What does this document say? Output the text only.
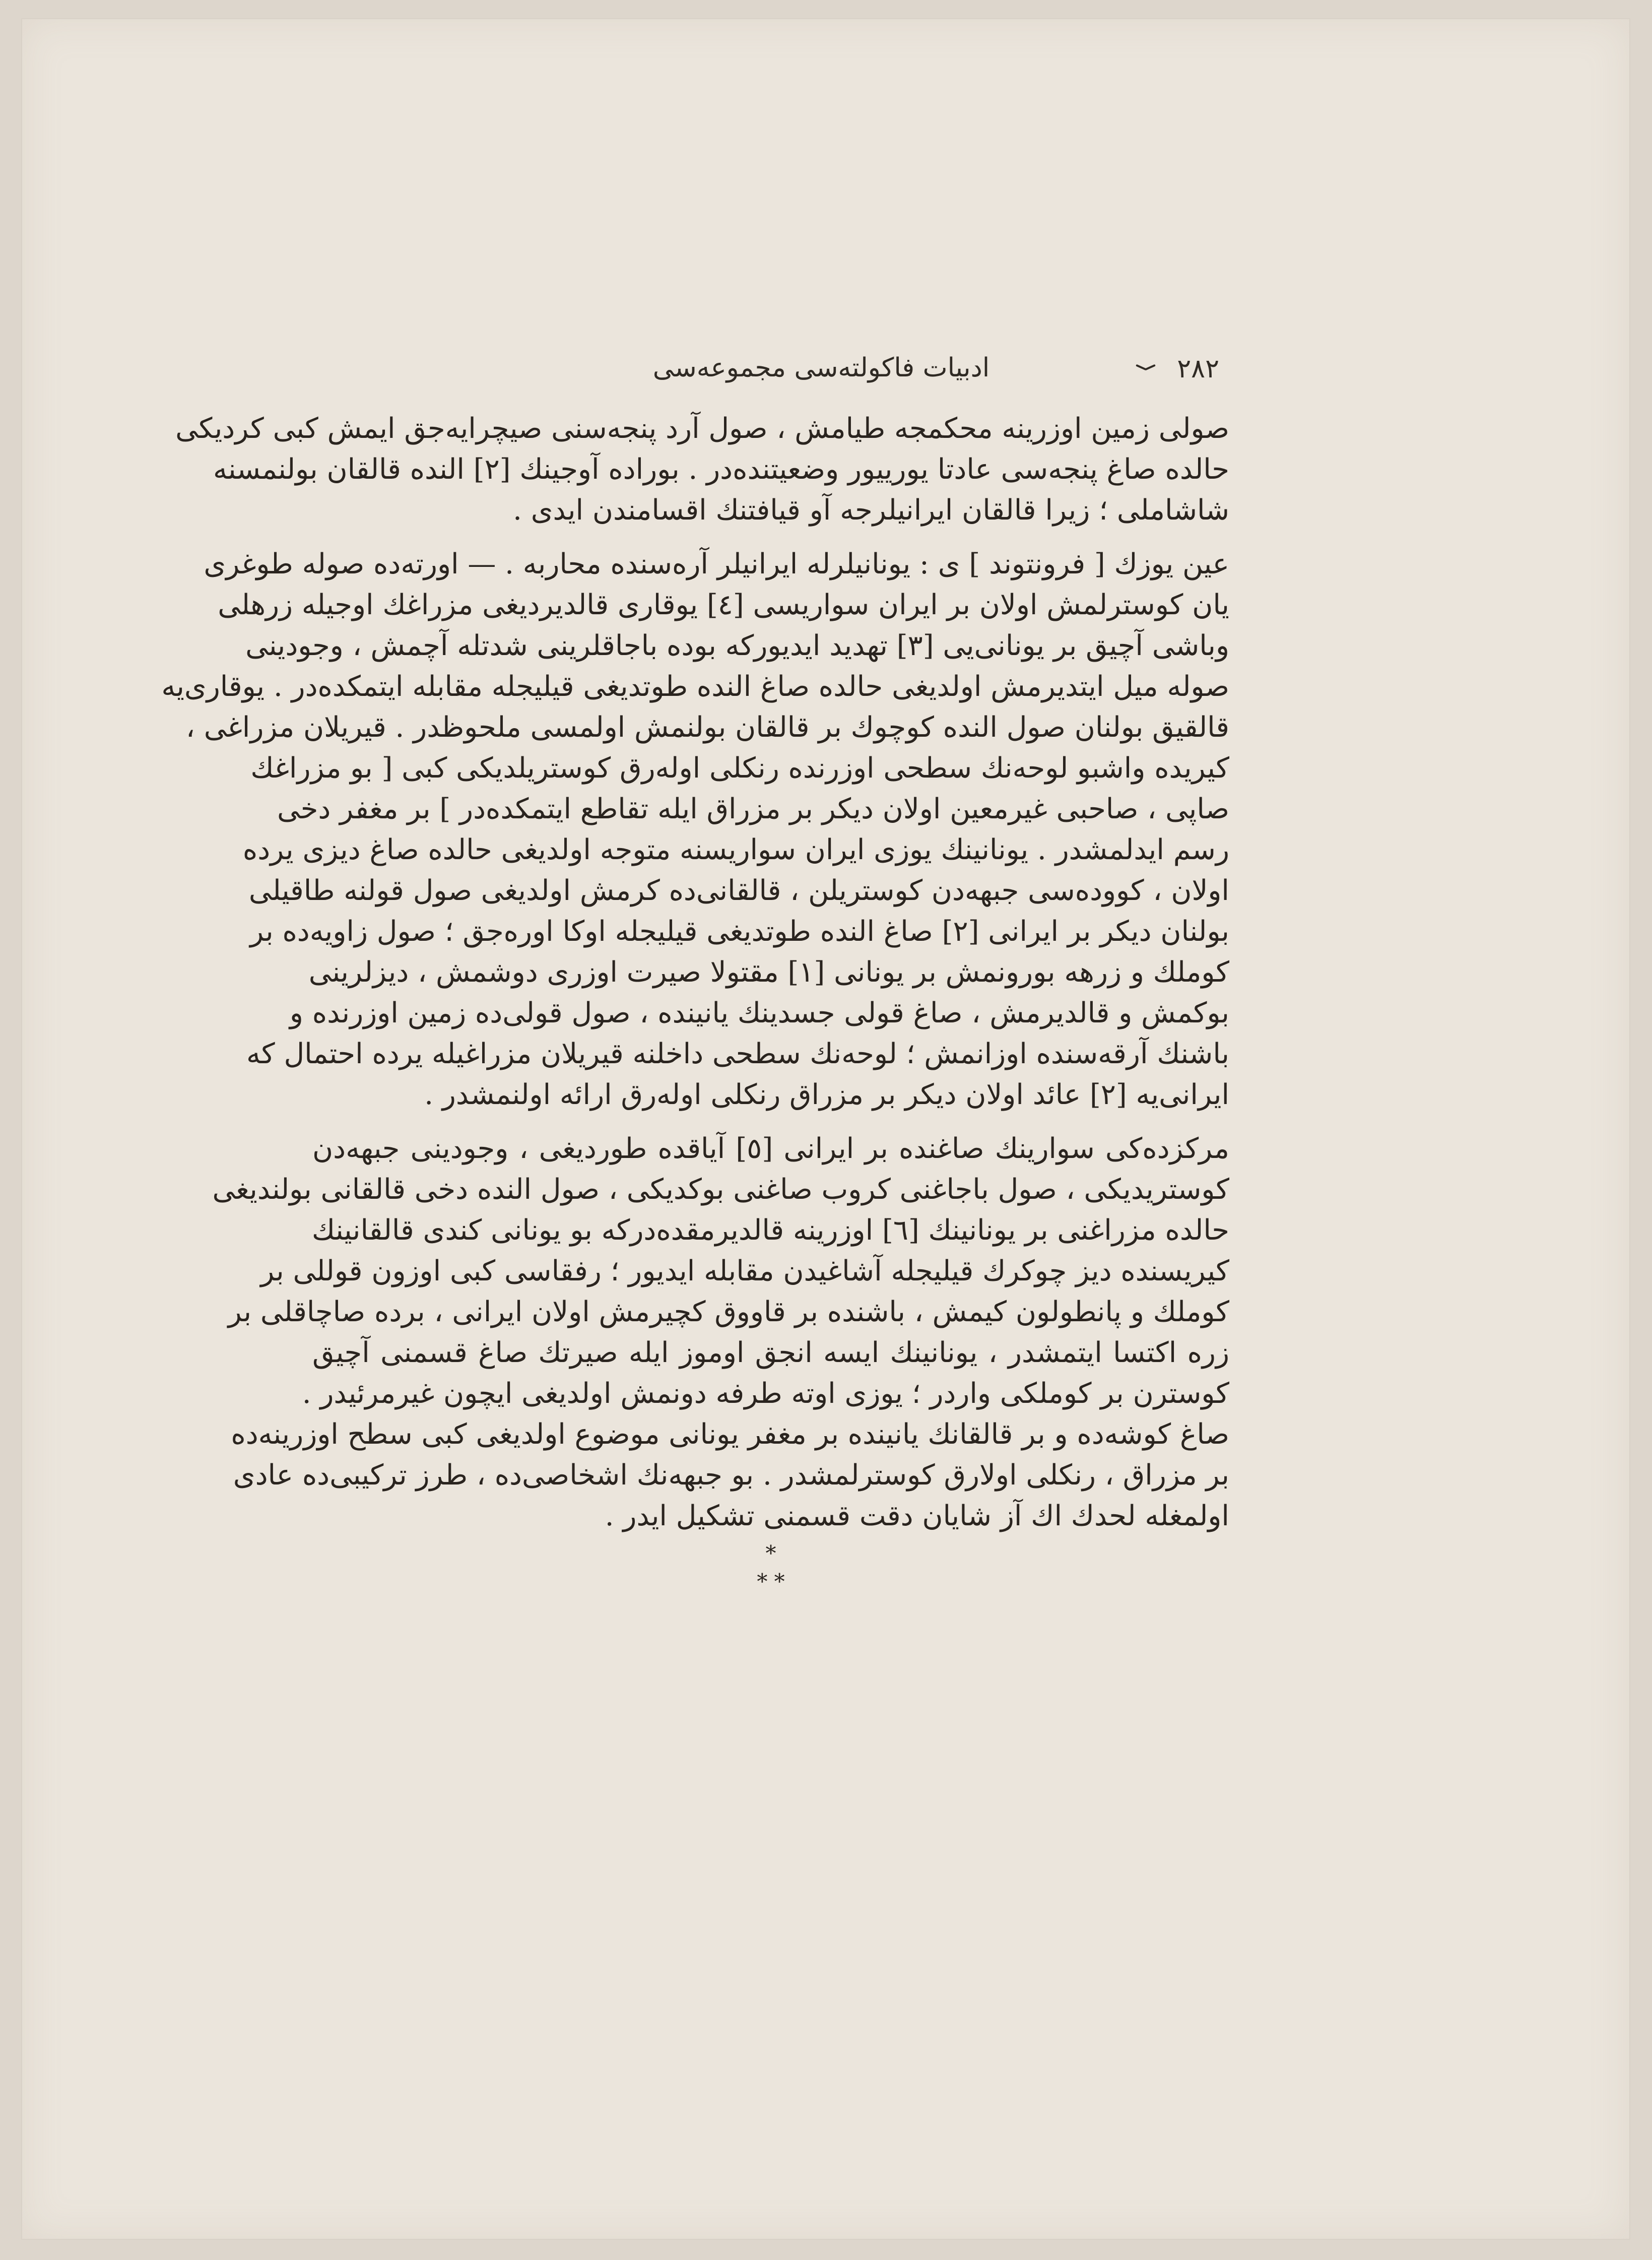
ادبيات فاكولته‌سى مجموعه‌سى	٢٨٢
صولى زمين اوزرينه محكمجه طيامش ، صول آرد پنجه‌سنى صيچرايه‌جق ايمش كبى كرديكى
حالده صاغ پنجه‌سى عادتا يورييور وضعيتنده‌در . بوراده آوجينك [٢] النده قالقان بولنمسنه
شاشاملى ؛ زيرا قالقان ايرانيلرجه آو قيافتنك اقسامندن ايدى .
عين يوزك [ فرونتوند ] ى : يونانيلرله ايرانيلر آره‌سنده محاربه . — اورته‌ده صوله طوغرى
يان كوسترلمش اولان بر ايران سواريسى [٤] يوقارى قالديرديغى مزراغك اوجيله زرهلى
وباشى آچيق بر يونانى‌يى [٣] تهديد ايديوركه بوده باجاقلرينى شدتله آچمش ، وجودينى
صوله ميل ايتديرمش اولديغى حالده صاغ النده طوتديغى قيليجله مقابله ايتمكده‌در . يوقارى‌يه
قالقيق بولنان صول النده كوچوك بر قالقان بولنمش اولمسى ملحوظدر . قيريلان مزراغى ،
كيريده واشبو لوحه‌نك سطحى اوزرنده رنكلى اوله‌رق كوستريلديكى كبى [ بو مزراغك
صاپى ، صاحبى غيرمعين اولان ديكر بر مزراق ايله تقاطع ايتمكده‌در ] بر مغفر دخى
رسم ايدلمشدر . يونانينك يوزى ايران سواريسنه متوجه اولديغى حالده صاغ ديزى يرده
اولان ، كووده‌سى جبهه‌دن كوستريلن ، قالقانى‌ده كرمش اولديغى صول قولنه طاقيلى
بولنان ديكر بر ايرانى [٢] صاغ النده طوتديغى قيليجله اوكا اوره‌جق ؛ صول زاويه‌ده بر
كوملك و زرهه بورونمش بر يونانى [١] مقتولا صيرت اوزرى دوشمش ، ديزلرينى
بوكمش و قالديرمش ، صاغ قولى جسدينك يانينده ، صول قولى‌ده زمين اوزرنده و
باشنك آرقه‌سنده اوزانمش ؛ لوحه‌نك سطحى داخلنه قيريلان مزراغيله يرده احتمال كه
ايرانى‌يه [٢] عائد اولان ديكر بر مزراق رنكلى اوله‌رق ارائه اولنمشدر .
مركزده‌كى سوارينك صاغنده بر ايرانى [٥] آياقده طورديغى ، وجودينى جبهه‌دن
كوستريديكى ، صول باجاغنى كروب صاغنى بوكديكى ، صول النده دخى قالقانى بولنديغى
حالده مزراغنى بر يونانينك [٦] اوزرينه قالديرمقده‌دركه بو يونانى كندى قالقانينك
كيريسنده ديز چوكرك قيليجله آشاغيدن مقابله ايديور ؛ رفقاسى كبى اوزون قوللى بر
كوملك و پانطولون كيمش ، باشنده بر قاووق كچيرمش اولان ايرانى ، برده صاچاقلى بر
زره اكتسا ايتمشدر ، يونانينك ايسه انجق اوموز ايله صيرتك صاغ قسمنى آچيق
كوسترن بر كوملكى واردر ؛ يوزى اوته طرفه دونمش اولديغى ايچون غيرمرئيدر .
صاغ كوشه‌ده و بر قالقانك يانينده بر مغفر يونانى موضوع اولديغى كبى سطح اوزرينه‌ده
بر مزراق ، رنكلى اولارق كوسترلمشدر . بو جبهه‌نك اشخاصى‌ده ، طرز تركيبى‌ده عادى
اولمغله لحدك اك آز شايان دقت قسمنى تشكيل ايدر .
*
* *
